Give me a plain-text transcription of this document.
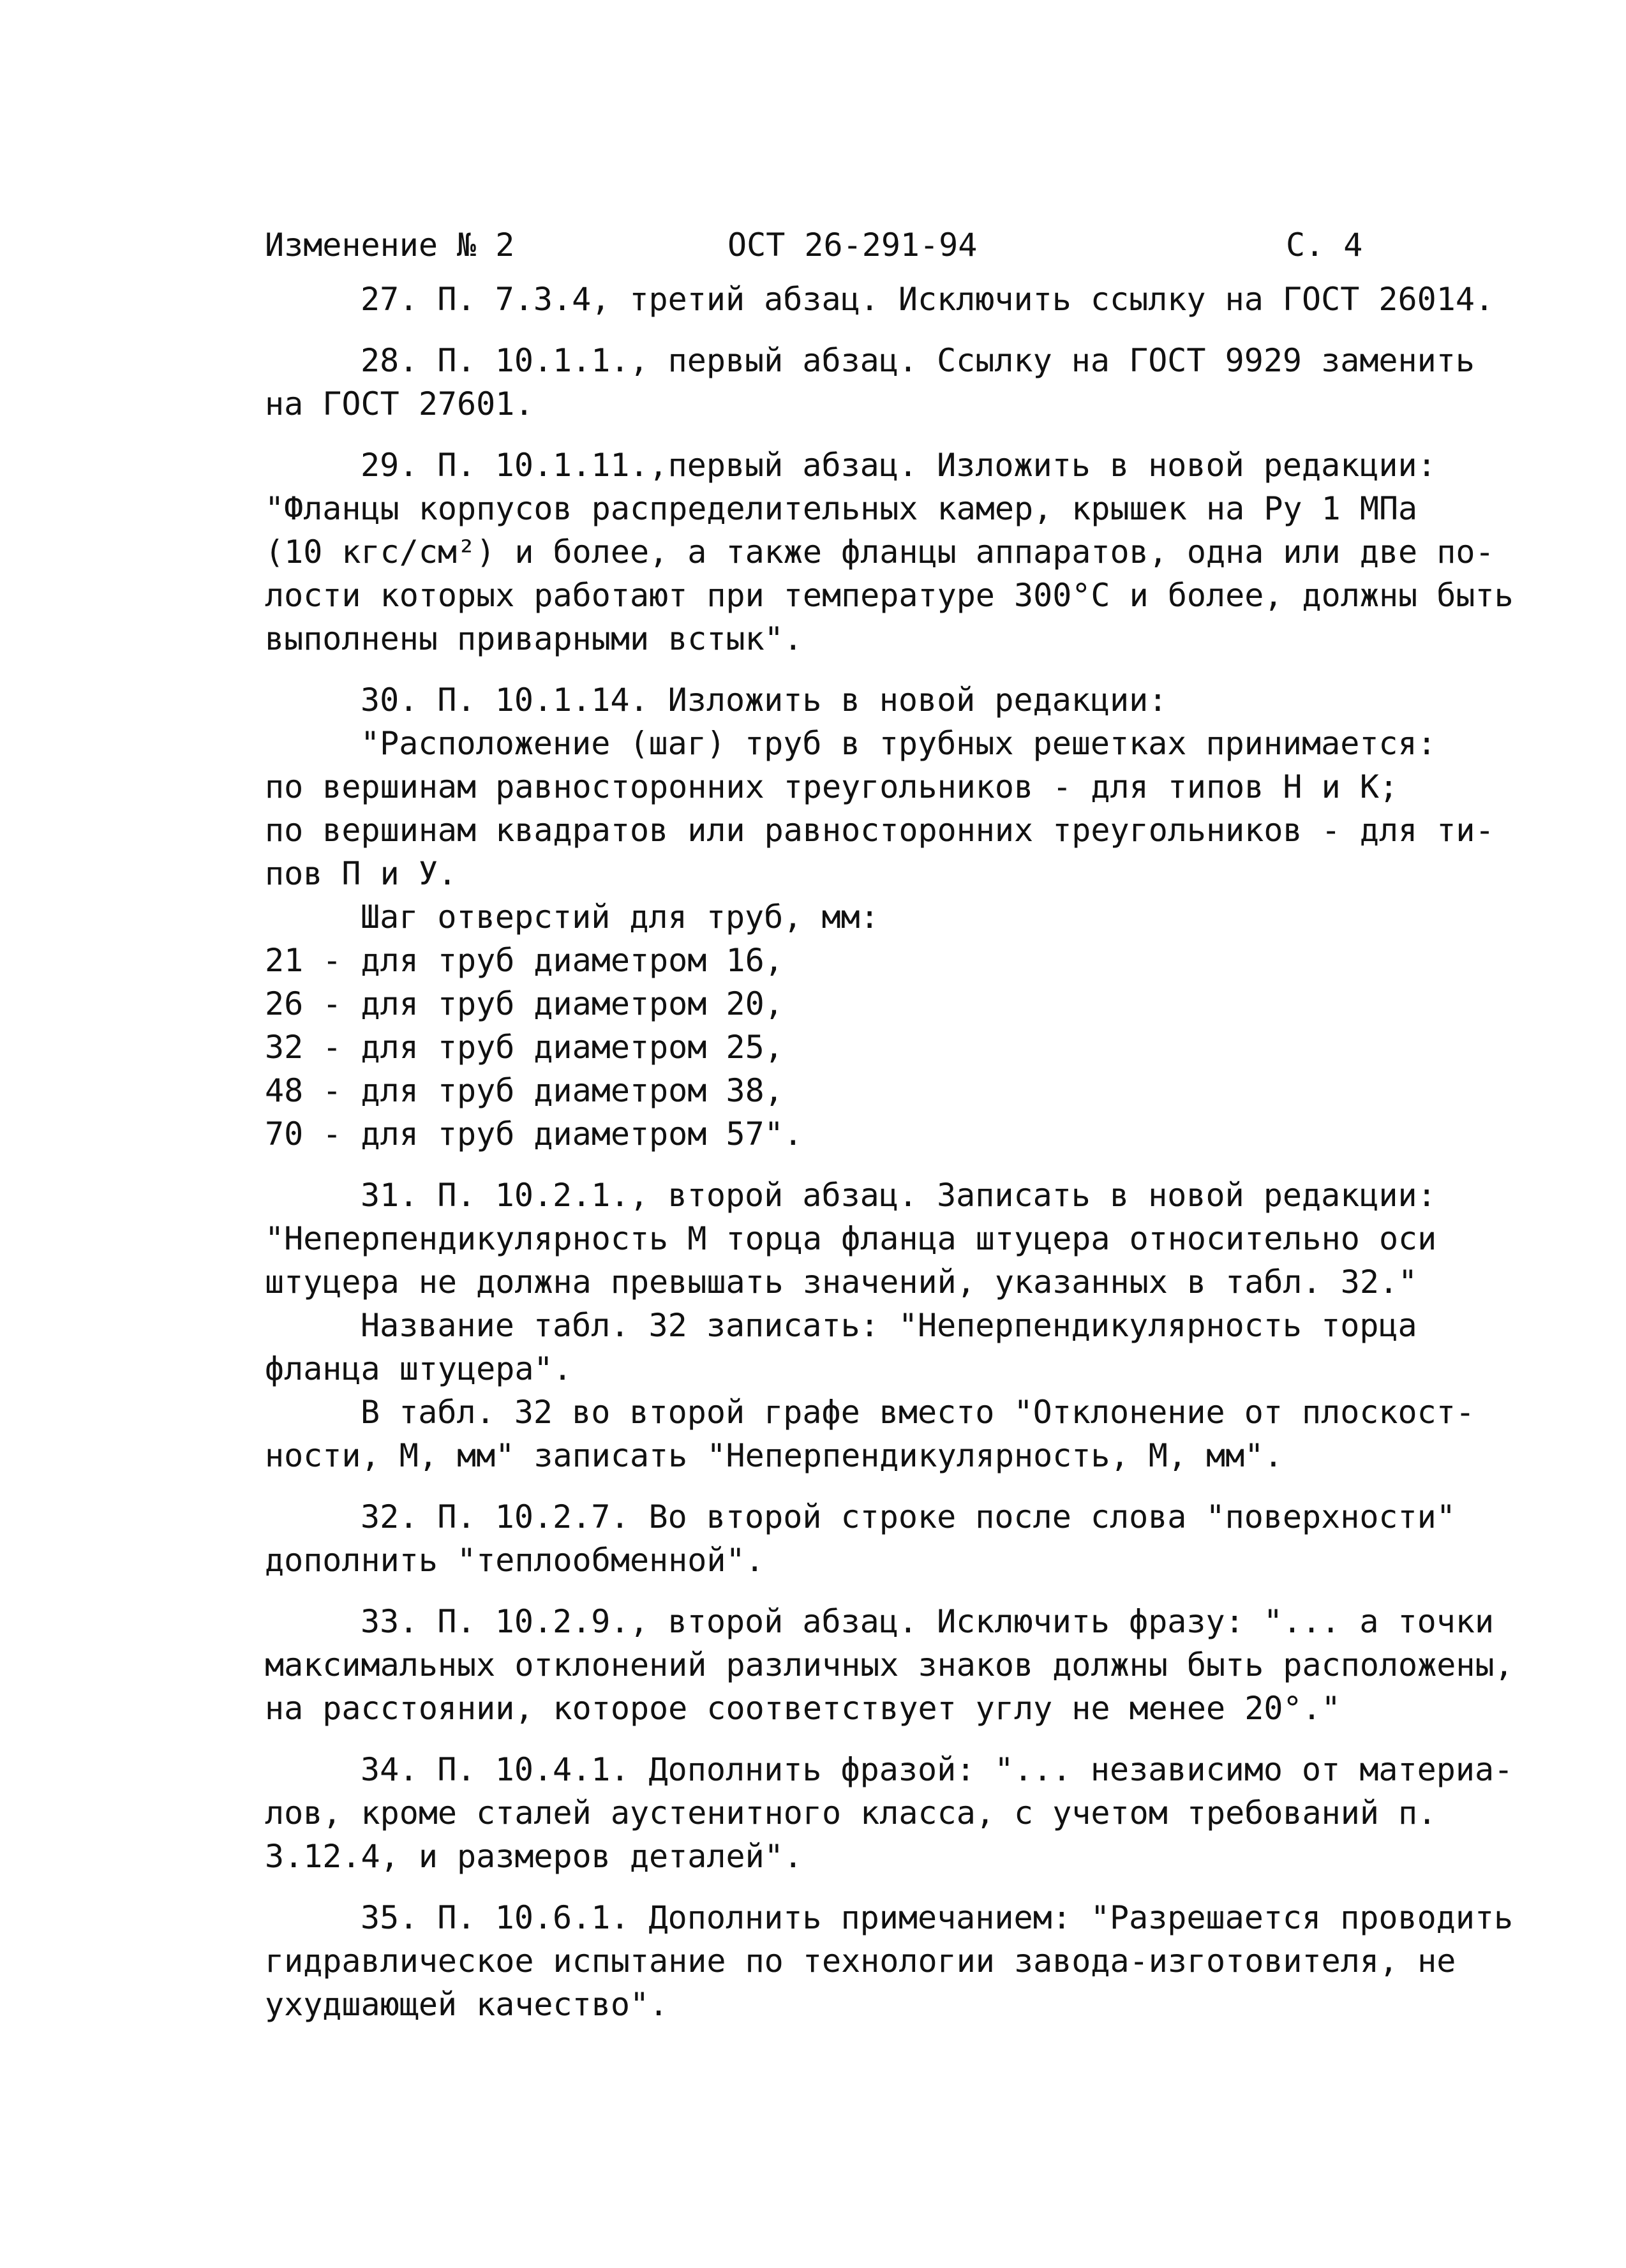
Изменение № 2	ОСТ 26-291-94	С. 4
27. П. 7.3.4, третий абзац. Исключить ссылку на ГОСТ 26014.
28. П. 10.1.1., первый абзац. Ссылку на ГОСТ 9929 заменить
на ГОСТ 27601.
29. П. 10.1.11.,первый абзац. Изложить в новой редакции:
"Фланцы корпусов распределительных камер, крышек на Ру 1 МПа
(10 кгс/см²) и более, а также фланцы аппаратов, одна или две по-
лости которых работают при температуре 300°С и более, должны быть
выполнены приварными встык".
30. П. 10.1.14. Изложить в новой редакции:
"Расположение (шаг) труб в трубных решетках принимается:
по вершинам равносторонних треугольников - для типов Н и К;
по вершинам квадратов или равносторонних треугольников - для ти-
пов П и У.
Шаг отверстий для труб, мм:
21 - для труб диаметром 16,
26 - для труб диаметром 20,
32 - для труб диаметром 25,
48 - для труб диаметром 38,
70 - для труб диаметром 57".
31. П. 10.2.1., второй абзац. Записать в новой редакции:
"Неперпендикулярность М торца фланца штуцера относительно оси
штуцера не должна превышать значений, указанных в табл. 32."
Название табл. 32 записать: "Неперпендикулярность торца
фланца штуцера".
В табл. 32 во второй графе вместо "Отклонение от плоскост-
ности, М, мм" записать "Неперпендикулярность, М, мм".
32. П. 10.2.7. Во второй строке после слова "поверхности"
дополнить "теплообменной".
33. П. 10.2.9., второй абзац. Исключить фразу: "... а точки
максимальных отклонений различных знаков должны быть расположены,
на расстоянии, которое соответствует углу не менее 20°."
34. П. 10.4.1. Дополнить фразой: "... независимо от материа-
лов, кроме сталей аустенитного класса, с учетом требований п.
3.12.4, и размеров деталей".
35. П. 10.6.1. Дополнить примечанием: "Разрешается проводить
гидравлическое испытание по технологии завода-изготовителя, не
ухудшающей качество".
